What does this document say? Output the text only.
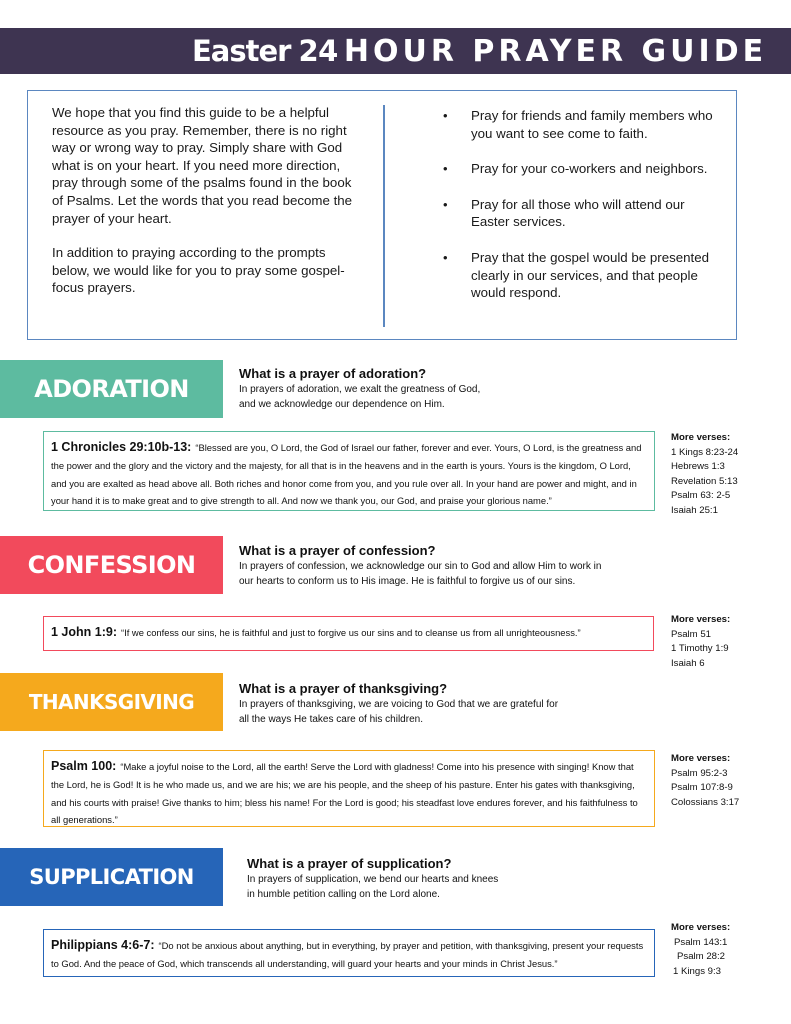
Easter 24 HOUR PRAYER GUIDE

We hope that you find this guide to be a helpful resource as you pray. Remember, there is no right way or wrong way to pray. Simply share with God what is on your heart. If you need more direction, pray through some of the psalms found in the book of Psalms. Let the words that you read become the prayer of your heart.

In addition to praying according to the prompts below, we would like for you to pray some gospel-focus prayers.

• Pray for friends and family members who you want to see come to faith.
• Pray for your co-workers and neighbors.
• Pray for all those who will attend our Easter services.
• Pray that the gospel would be presented clearly in our services, and that people would respond.
ADORATION
What is a prayer of adoration?
In prayers of adoration, we exalt the greatness of God,
and we acknowledge our dependence on Him.
1 Chronicles 29:10b-13: “Blessed are you, O Lord, the God of Israel our father, forever and ever. Yours, O Lord, is the greatness and the power and the glory and the victory and the majesty, for all that is in the heavens and in the earth is yours. Yours is the kingdom, O Lord, and you are exalted as head above all. Both riches and honor come from you, and you rule over all. In your hand are power and might, and in your hand it is to make great and to give strength to all. And now we thank you, our God, and praise your glorious name.”
More verses:
1 Kings 8:23-24
Hebrews 1:3
Revelation 5:13
Psalm 63: 2-5
Isaiah 25:1
CONFESSION
What is a prayer of confession?
In prayers of confession, we acknowledge our sin to God and allow Him to work in
our hearts to conform us to His image. He is faithful to forgive us of our sins.
1 John 1:9: “If we confess our sins, he is faithful and just to forgive us our sins and to cleanse us from all unrighteousness.”
More verses:
Psalm 51
1 Timothy 1:9
Isaiah 6
THANKSGIVING
What is a prayer of thanksgiving?
In prayers of thanksgiving, we are voicing to God that we are grateful for
all the ways He takes care of his children.
Psalm 100: “Make a joyful noise to the Lord, all the earth! Serve the Lord with gladness! Come into his presence with singing! Know that the Lord, he is God! It is he who made us, and we are his; we are his people, and the sheep of his pasture. Enter his gates with thanksgiving, and his courts with praise! Give thanks to him; bless his name! For the Lord is good; his steadfast love endures forever, and his faithfulness to all generations.”
More verses:
Psalm 95:2-3
Psalm 107:8-9
Colossians 3:17
SUPPLICATION
What is a prayer of supplication?
In prayers of supplication, we bend our hearts and knees
in humble petition calling on the Lord alone.
Philippians 4:6-7: “Do not be anxious about anything, but in everything, by prayer and petition, with thanksgiving, present your requests to God. And the peace of God, which transcends all understanding, will guard your hearts and your minds in Christ Jesus.”
More verses:
Psalm 143:1
Psalm 28:2
1 Kings 9:3
